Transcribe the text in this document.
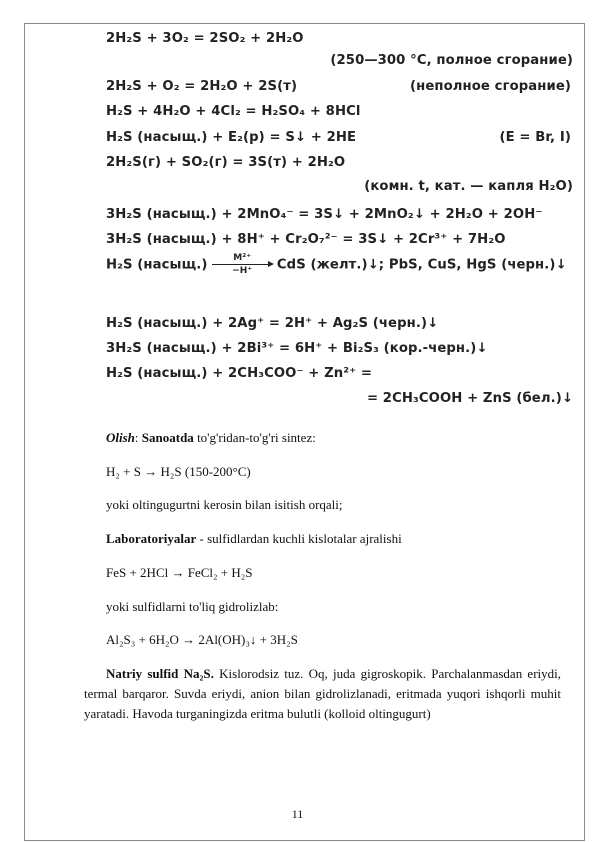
2H₂S + 3O₂ = 2SO₂ + 2H₂O
(250—300 °C, полное сгорание)
2H₂S + O₂ = 2H₂O + 2S(т)	(неполное сгорание)
H₂S + 4H₂O + 4Cl₂ = H₂SO₄ + 8HCl
H₂S (насыщ.) + E₂(р) = S↓ + 2HE	(E = Br, I)
2H₂S(г) + SO₂(г) = 3S(т) + 2H₂O
(комн. t, кат. — капля H₂O)
3H₂S (насыщ.) + 2MnO₄⁻ = 3S↓ + 2MnO₂↓ + 2H₂O + 2OH⁻
3H₂S (насыщ.) + 8H⁺ + Cr₂O₇²⁻ = 3S↓ + 2Cr³⁺ + 7H₂O
H₂S (насыщ.) $\frac{\text{M²⁺}}{-H^+}$ CdS (желт.)↓; PbS, CuS, HgS (черн.)↓
H₂S (насыщ.) + 2Ag⁺ = 2H⁺ + Ag₂S (черн.)↓
3H₂S (насыщ.) + 2Bi³⁺ = 6H⁺ + Bi₂S₃ (кор.-черн.)↓
H₂S (насыщ.) + 2CH₃COO⁻ + Zn²⁺ =
= 2CH₃COOH + ZnS (бел.)↓
Olish: Sanoatda to'g'ridan-to'g'ri sintez:
H₂ + S → H₂S (150-200°C)
yoki oltingugurtni kerosin bilan isitish orqali;
Laboratoriyalar - sulfidlardan kuchli kislotalar ajralishi
FeS + 2HCl → FeCl₂ + H₂S
yoki sulfidlarni to'liq gidrolizlab:
Al₂S₃ + 6H₂O → 2Al(OH)₃↓ + 3H₂S
Natriy sulfid Na₂S. Kislorodsiz tuz. Oq, juda gigroskopik. Parchalanmasdan eriydi, termal barqaror. Suvda eriydi, anion bilan gidrolizlanadi, eritmada yuqori ishqorli muhit yaratadi. Havoda turganingizda eritma bulutli (kolloid oltingugurt)
11
